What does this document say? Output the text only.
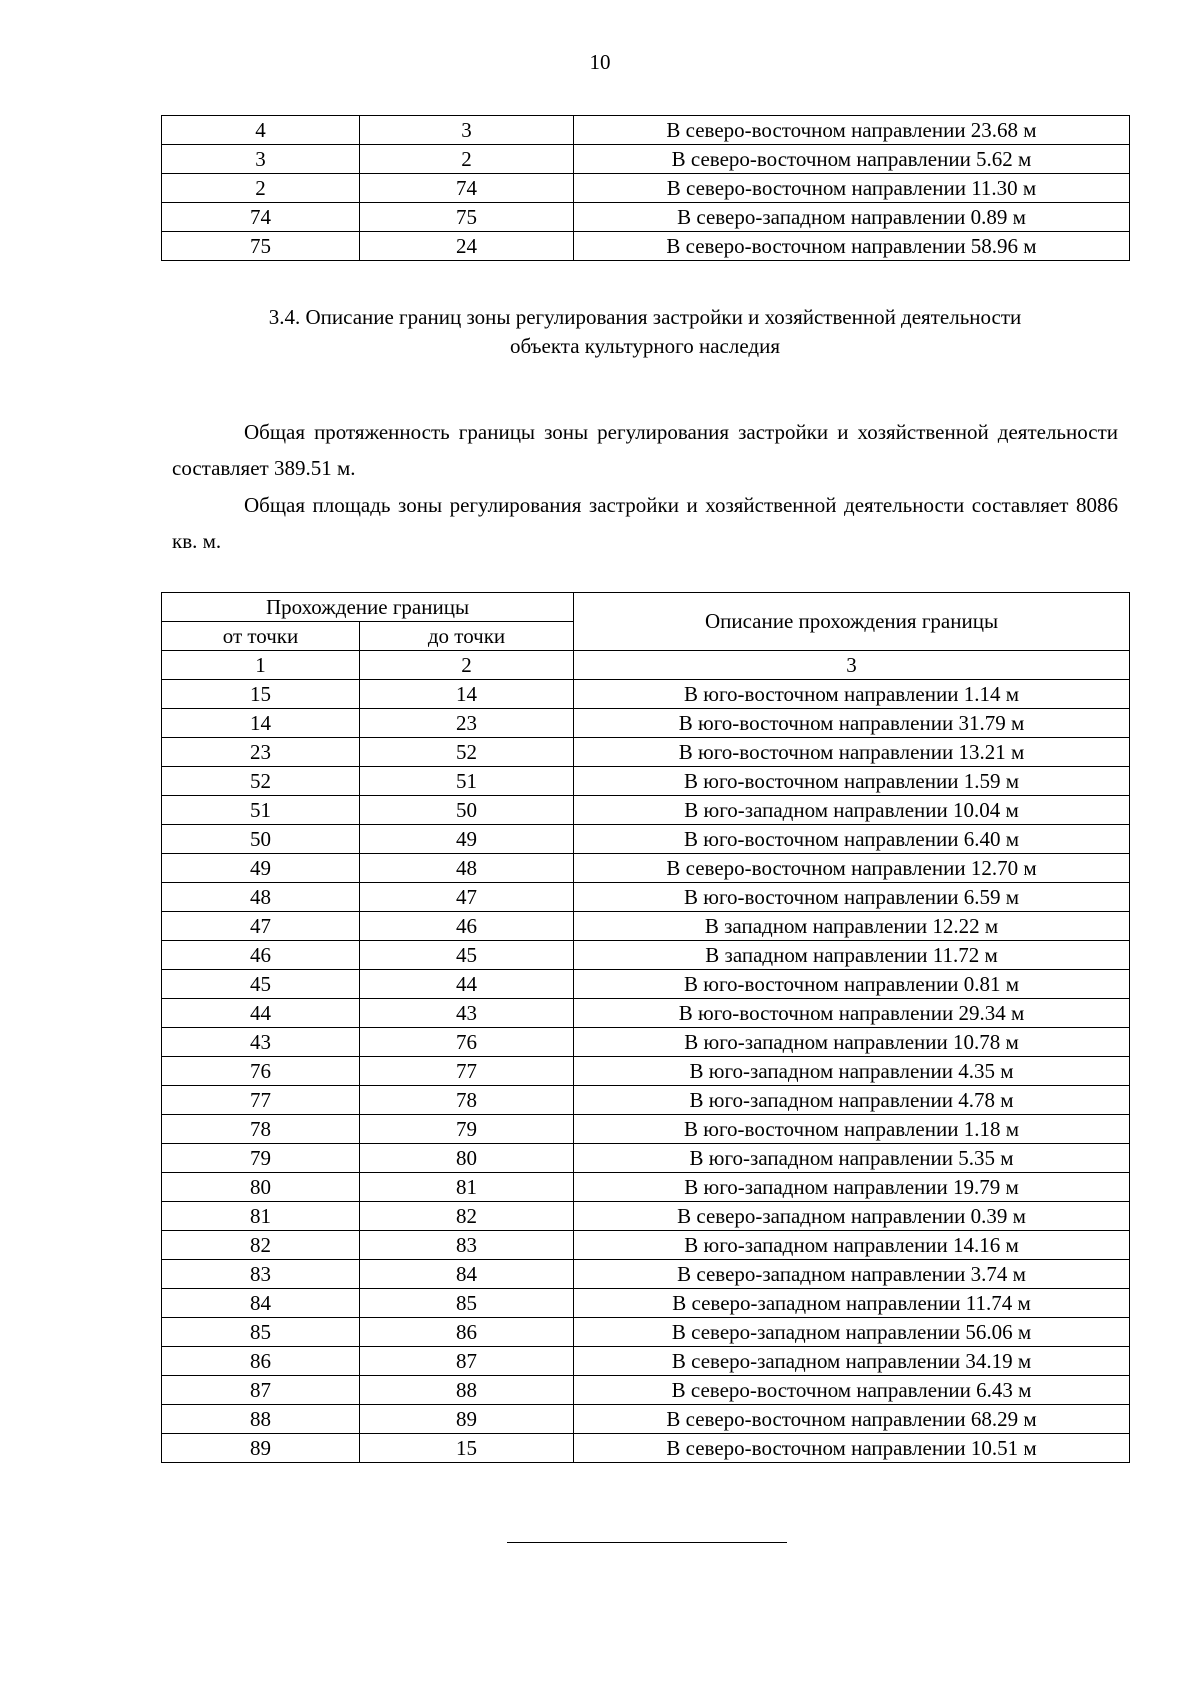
10
4	3	В северо-восточном направлении 23.68 м
3	2	В северо-восточном направлении 5.62 м
2	74	В северо-восточном направлении 11.30 м
74	75	В северо-западном направлении 0.89 м
75	24	В северо-восточном направлении 58.96 м
3.4. Описание границ зоны регулирования застройки и хозяйственной деятельности
объекта культурного наследия
Общая протяженность границы зоны регулирования застройки и хозяйственной деятельности составляет 389.51 м.
Общая площадь зоны регулирования застройки и хозяйственной деятельности составляет 8086 кв. м.
Прохождение границы		Описание прохождения границы
от точки	до точки	
1	2	3
15	14	В юго-восточном направлении 1.14 м
14	23	В юго-восточном направлении 31.79 м
23	52	В юго-восточном направлении 13.21 м
52	51	В юго-восточном направлении 1.59 м
51	50	В юго-западном направлении 10.04 м
50	49	В юго-восточном направлении 6.40 м
49	48	В северо-восточном направлении 12.70 м
48	47	В юго-восточном направлении 6.59 м
47	46	В западном направлении 12.22 м
46	45	В западном направлении 11.72 м
45	44	В юго-восточном направлении 0.81 м
44	43	В юго-восточном направлении 29.34 м
43	76	В юго-западном направлении 10.78 м
76	77	В юго-западном направлении 4.35 м
77	78	В юго-западном направлении 4.78 м
78	79	В юго-восточном направлении 1.18 м
79	80	В юго-западном направлении 5.35 м
80	81	В юго-западном направлении 19.79 м
81	82	В северо-западном направлении 0.39 м
82	83	В юго-западном направлении 14.16 м
83	84	В северо-западном направлении 3.74 м
84	85	В северо-западном направлении 11.74 м
85	86	В северо-западном направлении 56.06 м
86	87	В северо-западном направлении 34.19 м
87	88	В северо-восточном направлении 6.43 м
88	89	В северо-восточном направлении 68.29 м
89	15	В северо-восточном направлении 10.51 м
